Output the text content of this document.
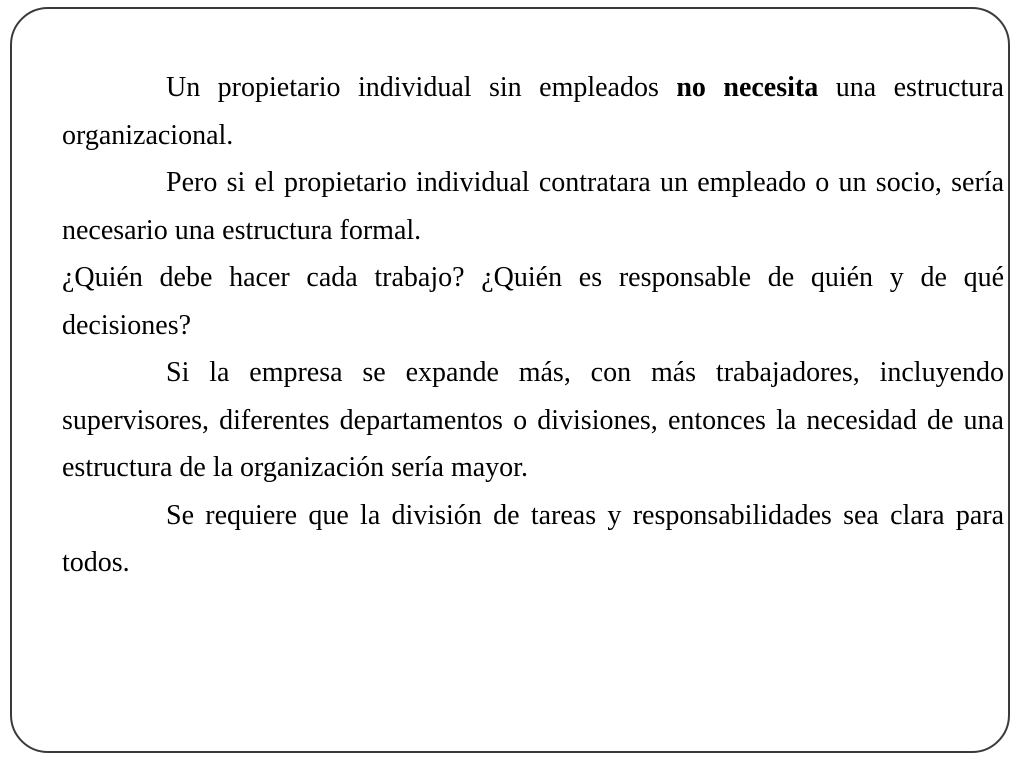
Un propietario individual sin empleados no necesita una estructura organizacional.

Pero si el propietario individual contratara un empleado o un socio, sería necesario una estructura formal.

¿Quién debe hacer cada trabajo? ¿Quién es responsable de quién y de qué decisiones?

Si la empresa se expande más, con más trabajadores, incluyendo supervisores, diferentes departamentos o divisiones, entonces la necesidad de una estructura de la organización sería mayor.

Se requiere que la división de tareas y responsabilidades sea clara para todos.
